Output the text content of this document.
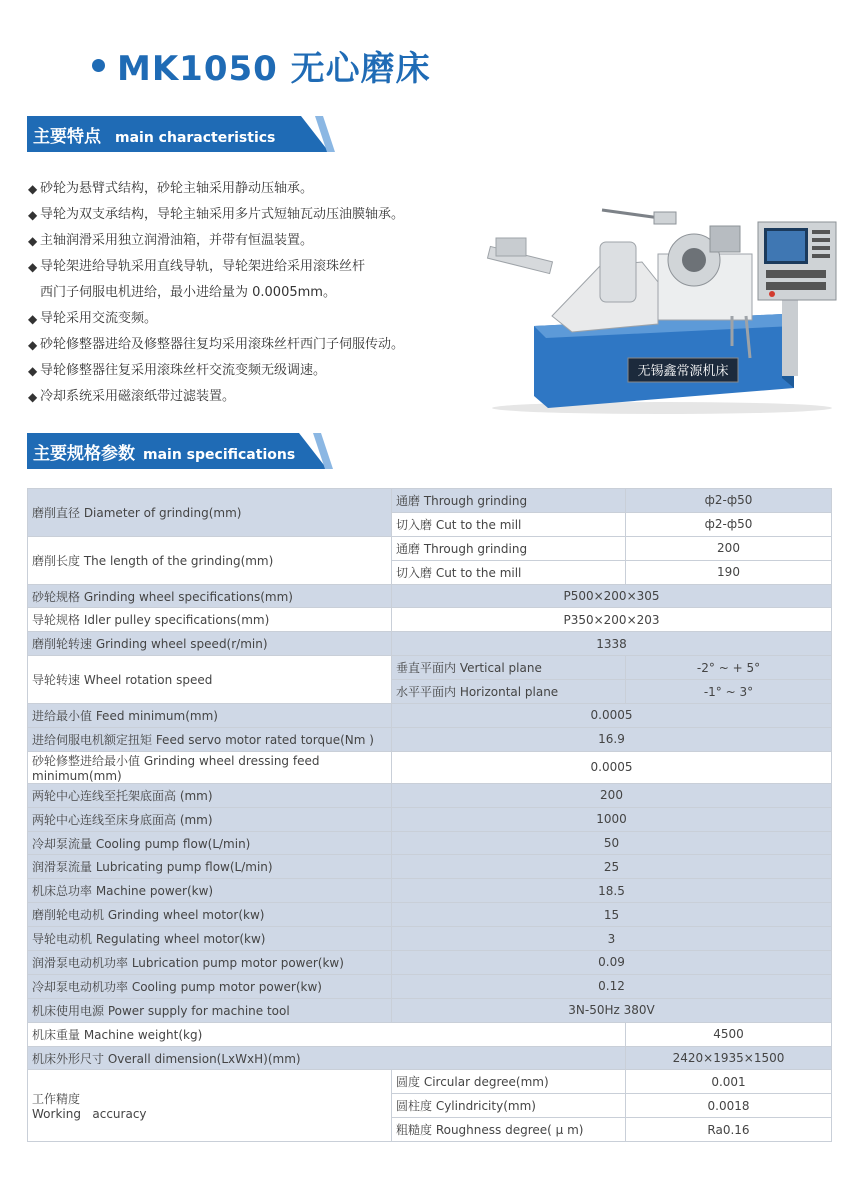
MK1050 无心磨床
主要特点 main characteristics
◆ 砂轮为悬臂式结构，砂轮主轴采用静动压轴承。
◆ 导轮为双支承结构，导轮主轴采用多片式短轴瓦动压油膜轴承。
◆ 主轴润滑采用独立润滑油箱，并带有恒温装置。
◆ 导轮架进给导轨采用直线导轨，导轮架进给采用滚珠丝杆
西门子伺服电机进给，最小进给量为 0.0005mm。
◆ 导轮采用交流变频。
◆ 砂轮修整器进给及修整器往复均采用滚珠丝杆西门子伺服传动。
◆ 导轮修整器往复采用滚珠丝杆交流变频无级调速。
◆ 冷却系统采用磁滚纸带过滤装置。
无锡鑫常源机床
主要规格参数 main specifications
磨削直径 Diameter of grinding(mm)	通磨 Through grinding	ф2-ф50
	切入磨 Cut to the mill	ф2-ф50
磨削长度 The length of the grinding(mm)	通磨 Through grinding	200
	切入磨 Cut to the mill	190
砂轮规格 Grinding wheel specifications(mm)	P500×200×305	
导轮规格 Idler pulley specifications(mm)	P350×200×203	
磨削轮转速 Grinding wheel speed(r/min)	1338	
导轮转速 Wheel rotation speed	垂直平面内 Vertical plane	-2° ~ + 5°
	水平平面内 Horizontal plane	-1° ~ 3°
进给最小值 Feed minimum(mm)	0.0005	
进给伺服电机额定扭矩 Feed servo motor rated torque(Nm )	16.9	
砂轮修整进给最小值 Grinding wheel dressing feed minimum(mm)	0.0005	
两轮中心连线至托架底面高 (mm)	200	
两轮中心连线至床身底面高 (mm)	1000	
冷却泵流量 Cooling pump flow(L/min)	50	
润滑泵流量 Lubricating pump flow(L/min)	25	
机床总功率 Machine power(kw)	18.5	
磨削轮电动机 Grinding wheel motor(kw)	15	
导轮电动机 Regulating wheel motor(kw)	3	
润滑泵电动机功率 Lubrication pump motor power(kw)	0.09	
冷却泵电动机功率 Cooling pump motor power(kw)	0.12	
机床使用电源 Power supply for machine tool	3N-50Hz 380V	
机床重量 Machine weight(kg)		4500
机床外形尺寸 Overall dimension(LxWxH)(mm)		2420×1935×1500

工作精度
Working   accuracy	圆度 Circular degree(mm)	0.001
	圆柱度 Cylindricity(mm)	0.0018
	粗糙度 Roughness degree( μ m)	Ra0.16
